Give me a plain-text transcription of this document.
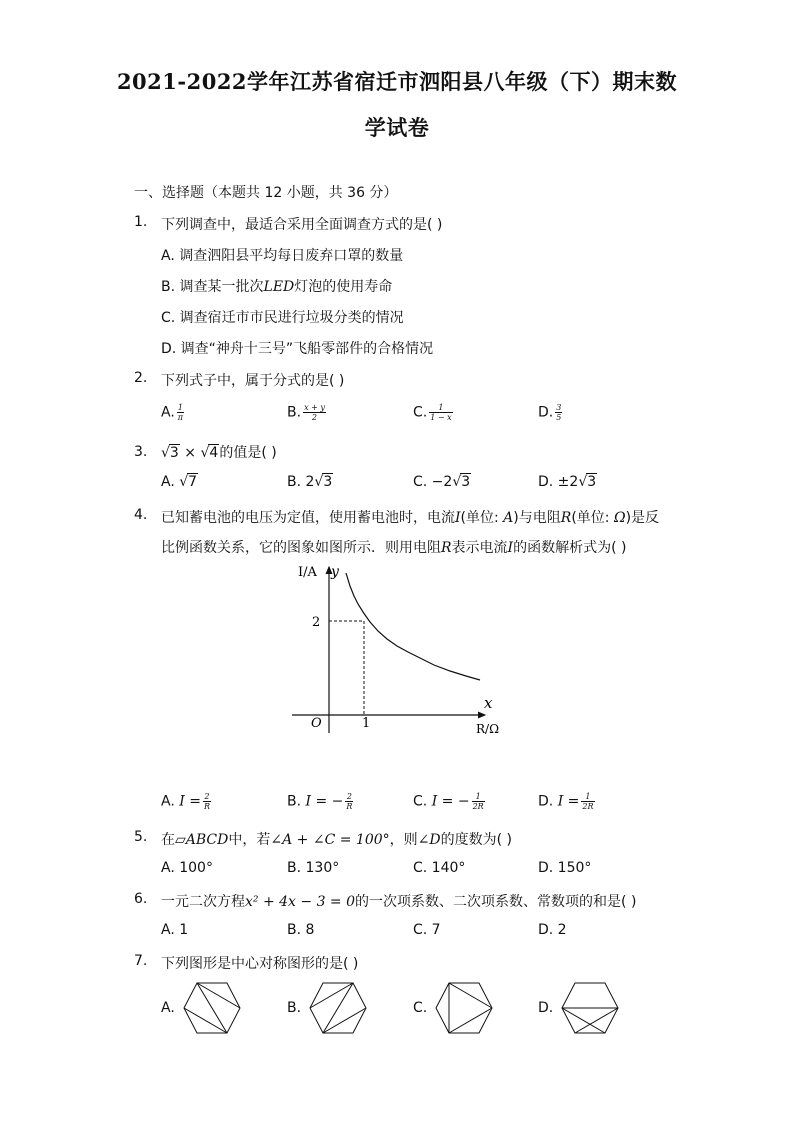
2021-2022学年江苏省宿迁市泗阳县八年级（下）期末数
学试卷
一、选择题（本题共 12 小题，共 36 分）
1. 下列调查中，最适合采用全面调查方式的是( )
A. 调查泗阳县平均每日废弃口罩的数量
B. 调查某一批次LED灯泡的使用寿命
C. 调查宿迁市市民进行垃圾分类的情况
D. 调查“神舟十三号”飞船零部件的合格情况
2. 下列式子中，属于分式的是( )
A. $\frac{1}{\pi}$	B. $\frac{x + y}{2}$	C. $\frac{1}{1 - x}$	D. $\frac{3}{5}$
3. √3 × √4的值是( )
A. √7	B. 2√3	C. −2√3	D. ±2√3
4. 已知蓄电池的电压为定值，使用蓄电池时，电流I(单位: A)与电阻R(单位: Ω)是反
比例函数关系，它的图象如图所示．则用电阻R表示电流I的函数解析式为( )
I/A y
x
R/Ω
O	1
2
A. $I = \frac{2}{R}$	B. I = − $\frac{2}{R}$	C. I = − $\frac{1}{2R}$	D. $I = \frac{1}{2R}$
5. 在▱ABCD中，若∠A + ∠C = 100°，则∠D的度数为( )
A. 100°	B. 130°	C. 140°	D. 150°
6. 一元二次方程x² + 4x − 3 = 0的一次项系数、二次项系数、常数项的和是( )
A. 1	B. 8	C. 7	D. 2
7. 下列图形是中心对称图形的是( )
A.	B.	C.	D.
